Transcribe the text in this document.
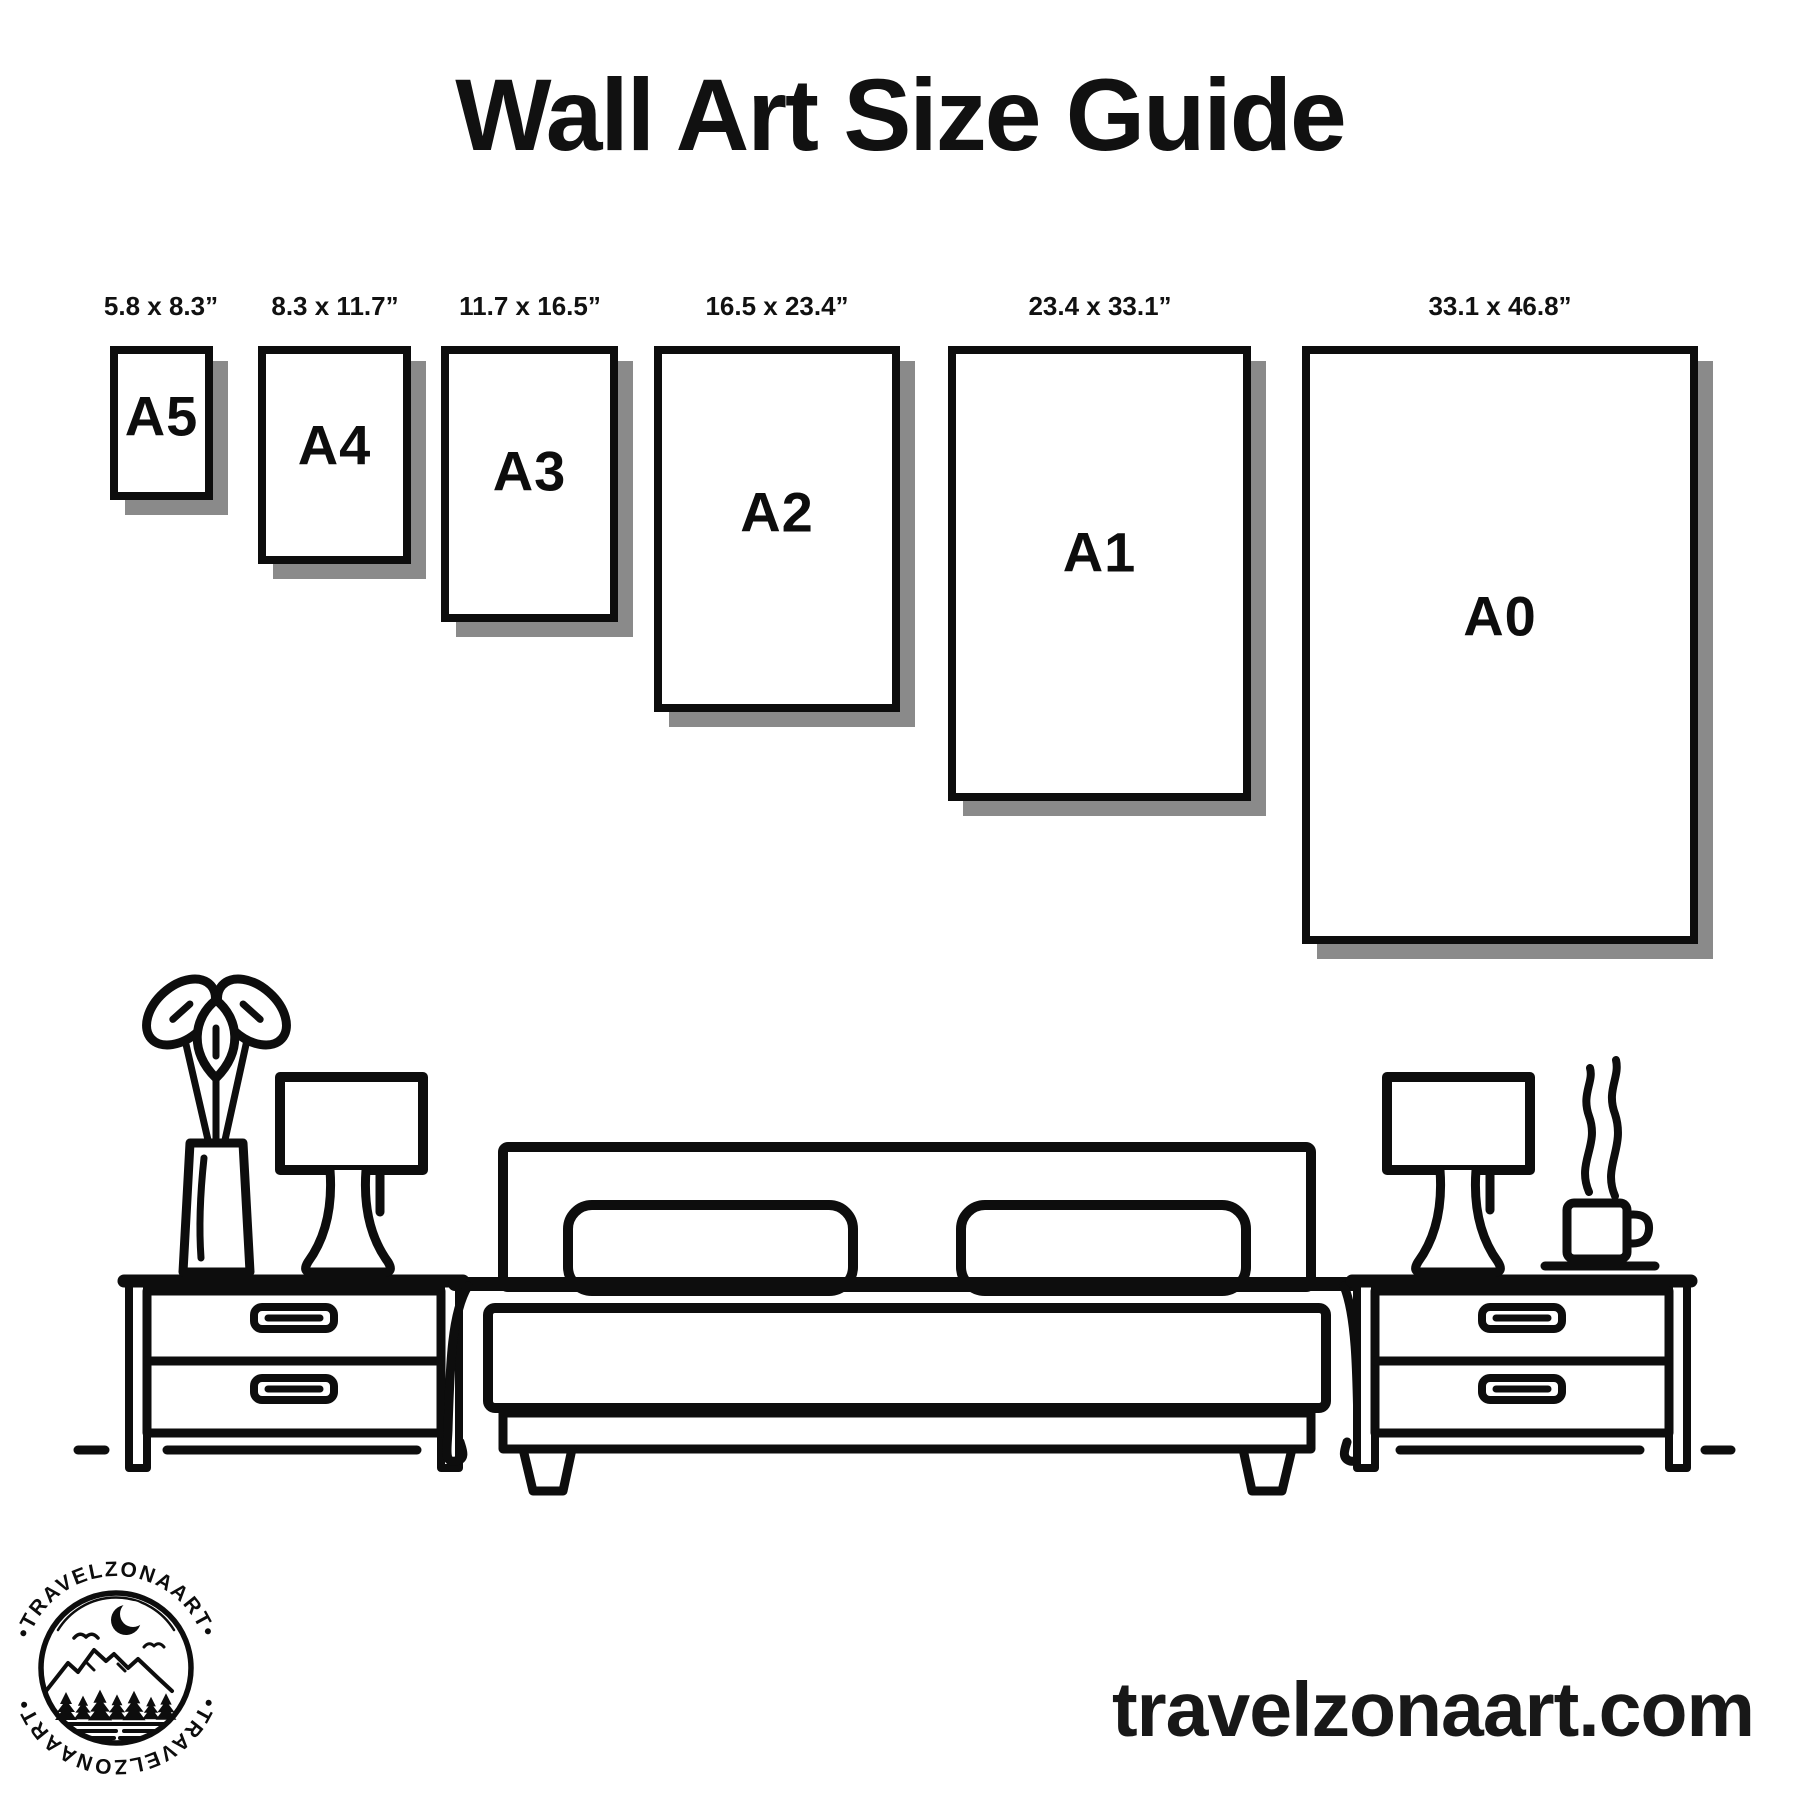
Wall Art Size Guide
5.8 x 8.3”	8.3 x 11.7”	11.7 x 16.5”	16.5 x 23.4”	23.4 x 33.1”	33.1 x 46.8”
A5	A4	A3
A2
A1
A0
•TRAVELZONAART•
•TRAVELZONAART•	travelzonaart.com
